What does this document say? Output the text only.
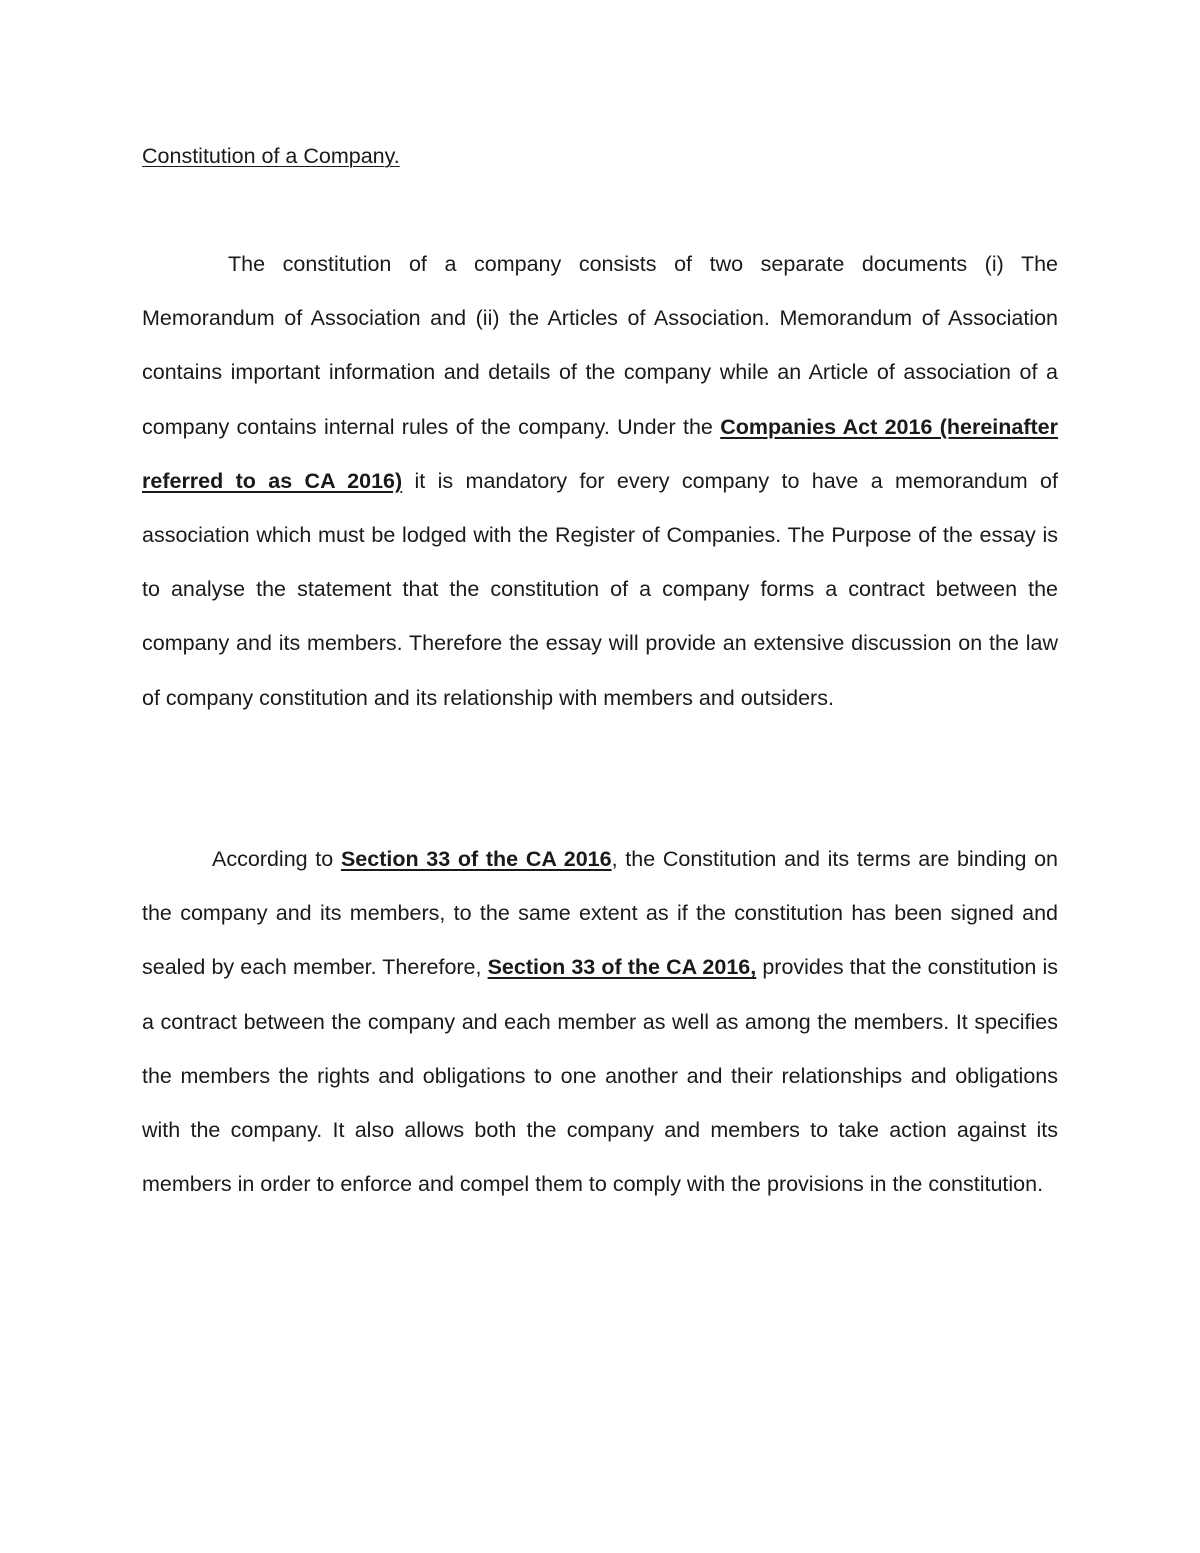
Constitution of a Company.

The constitution of a company consists of two separate documents (i) The Memorandum of Association and (ii) the Articles of Association. Memorandum of Association contains important information and details of the company while an Article of association of a company contains internal rules of the company. Under the Companies Act 2016 (hereinafter referred to as CA 2016) it is mandatory for every company to have a memorandum of association which must be lodged with the Register of Companies. The Purpose of the essay is to analyse the statement that the constitution of a company forms a contract between the company and its members. Therefore the essay will provide an extensive discussion on the law of company constitution and its relationship with members and outsiders.

According to Section 33 of the CA 2016, the Constitution and its terms are binding on the company and its members, to the same extent as if the constitution has been signed and sealed by each member. Therefore, Section 33 of the CA 2016, provides that the constitution is a contract between the company and each member as well as among the members. It specifies the members the rights and obligations to one another and their relationships and obligations with the company. It also allows both the company and members to take action against its members in order to enforce and compel them to comply with the provisions in the constitution.
